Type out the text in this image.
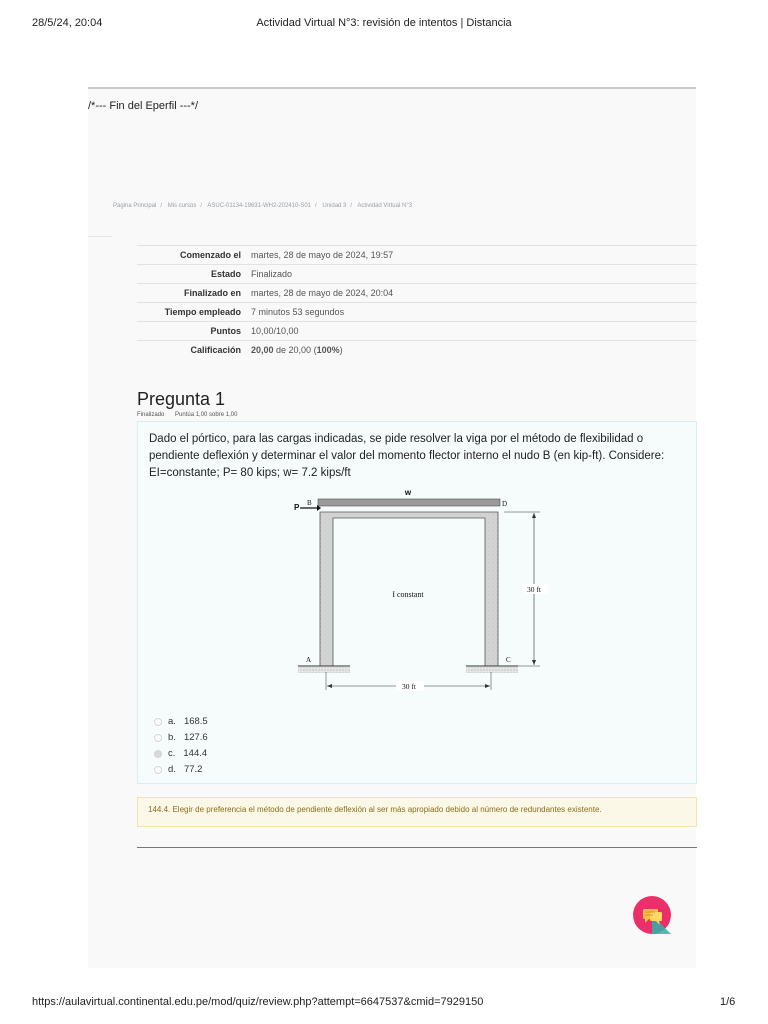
28/5/24, 20:04	Actividad Virtual N°3: revisión de intentos | Distancia
/*--- Fin del Eperfil ---*/
Página Principal / Mis cursos / ASUC-01134-19631-WH2-202410-S01 / Unidad 3 / Actividad Virtual N°3
Comenzado el	martes, 28 de mayo de 2024, 19:57
Estado	Finalizado
Finalizado en	martes, 28 de mayo de 2024, 20:04
Tiempo empleado	7 minutos 53 segundos
Puntos	10,00/10,00
Calificación	20,00 de 20,00 (100%)
Pregunta 1
Finalizado Puntúa 1,00 sobre 1,00
Dado el pórtico, para las cargas indicadas, se pide resolver la viga por el método de flexibilidad o pendiente deflexión y determinar el valor del momento flector interno el nudo B (en kip-ft). Considere: EI=constante; P= 80 kips; w= 7.2 kips/ft
w
P B	D
A	C
I constant
30 ft
30 ft
a. 168.5
b. 127.6
c. 144.4
d. 77.2
144.4. Elegir de preferencia el método de pendiente deflexión al ser más apropiado debido al número de redundantes existente.
https://aulavirtual.continental.edu.pe/mod/quiz/review.php?attempt=6647537&cmid=7929150	1/6
